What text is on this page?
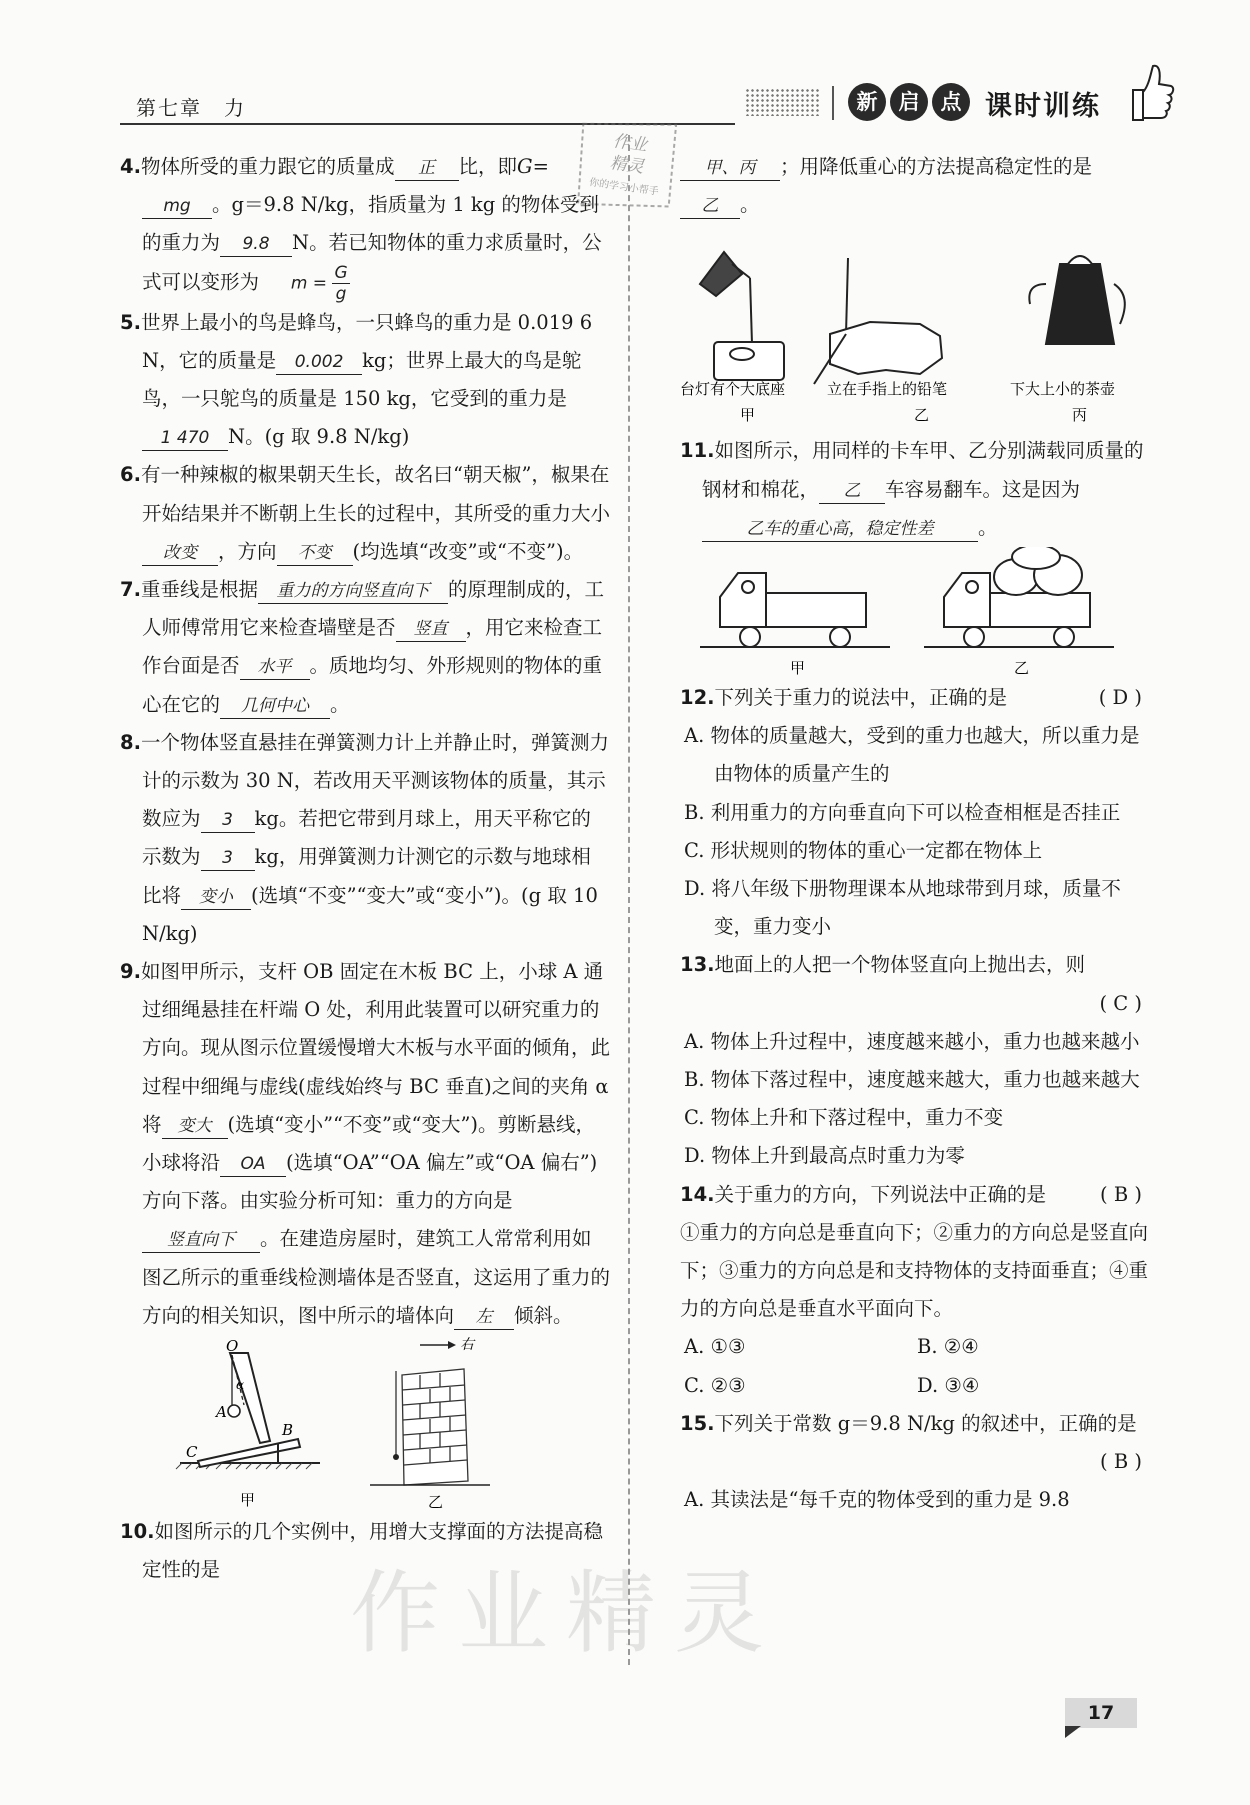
第七章　力	新	启	点 课时训练
作业
精灵
你的学习小帮手
作业精灵
4.物体所受的重力跟它的质量成 正 比，即G=
mg 。g＝9.8 N/kg，指质量为 1 kg 的物体受到的重力为 9.8 N。若已知物体的重力求质量时，公式可以变形为 $m = \frac{G}{g}$
5.世界上最小的鸟是蜂鸟，一只蜂鸟的重力是 0.019 6 N，它的质量是 0.002 kg；世界上最大的鸟是鸵鸟，一只鸵鸟的质量是 150 kg，它受到的重力是1 470 N。(g 取 9.8 N/kg)
6.有一种辣椒的椒果朝天生长，故名曰“朝天椒”，椒果在开始结果并不断朝上生长的过程中，其所受的重力大小改变 ，方向 不变 (均选填“改变”或“不变”)。
7.重垂线是根据 重力的方向竖直向下 的原理制成的，工人师傅常用它来检查墙壁是否 竖直 ，用它来检查工作台面是否 水平 。质地均匀、外形规则的物体的重心在它的 几何中心 。
8.一个物体竖直悬挂在弹簧测力计上并静止时，弹簧测力计的示数为 30 N，若改用天平测该物体的质量，其示数应为 3 kg。若把它带到月球上，用天平称它的示数为 3 kg，用弹簧测力计测它的示数与地球相比将 变小 (选填“不变”“变大”或“变小”)。(g 取 10 N/kg)
9.如图甲所示，支杆 OB 固定在木板 BC 上，小球 A 通过细绳悬挂在杆端 O 处，利用此装置可以研究重力的方向。现从图示位置缓慢增大木板与水平面的倾角，此过程中细绳与虚线(虚线始终与 BC 垂直)之间的夹角 α 将 变大 (选填“变小”“不变”或“变大”)。剪断悬线，小球将沿 OA (选填“OA”“OA 偏左”或“OA 偏右”)方向下落。由实验分析可知：重力的方向是竖直向下 。在建造房屋时，建筑工人常常利用如图乙所示的重垂线检测墙体是否竖直，这运用了重力的方向的相关知识，图中所示的墙体向 左 倾斜。
O
A
α
B
C
甲
右
乙
10.如图所示的几个实例中，用增大支撑面的方法提高稳定性的是
甲、丙 ；用降低重心的方法提高稳定性的是乙 。
台灯有个大底座
甲
立在手指上的铅笔
乙
下大上小的茶壶
丙
11.如图所示，用同样的卡车甲、乙分别满载同质量的钢材和棉花， 乙 车容易翻车。这是因为
乙车的重心高，稳定性差 。
甲	乙
12.下列关于重力的说法中，正确的是	( D )
A. 物体的质量越大，受到的重力也越大，所以重力是由物体的质量产生的
B. 利用重力的方向垂直向下可以检查相框是否挂正
C. 形状规则的物体的重心一定都在物体上
D. 将八年级下册物理课本从地球带到月球，质量不变，重力变小
13.地面上的人把一个物体竖直向上抛出去，则
( C )
A. 物体上升过程中，速度越来越小，重力也越来越小
B. 物体下落过程中，速度越来越大，重力也越来越大
C. 物体上升和下落过程中，重力不变
D. 物体上升到最高点时重力为零
14.关于重力的方向，下列说法中正确的是	( B )
①重力的方向总是垂直向下；②重力的方向总是竖直向下；③重力的方向总是和支持物体的支持面垂直；④重力的方向总是垂直水平面向下。
A. ①③	B. ②④
C. ②③	D. ③④
15.下列关于常数 g＝9.8 N/kg 的叙述中，正确的是
( B )
A. 其读法是“每千克的物体受到的重力是 9.8
17
